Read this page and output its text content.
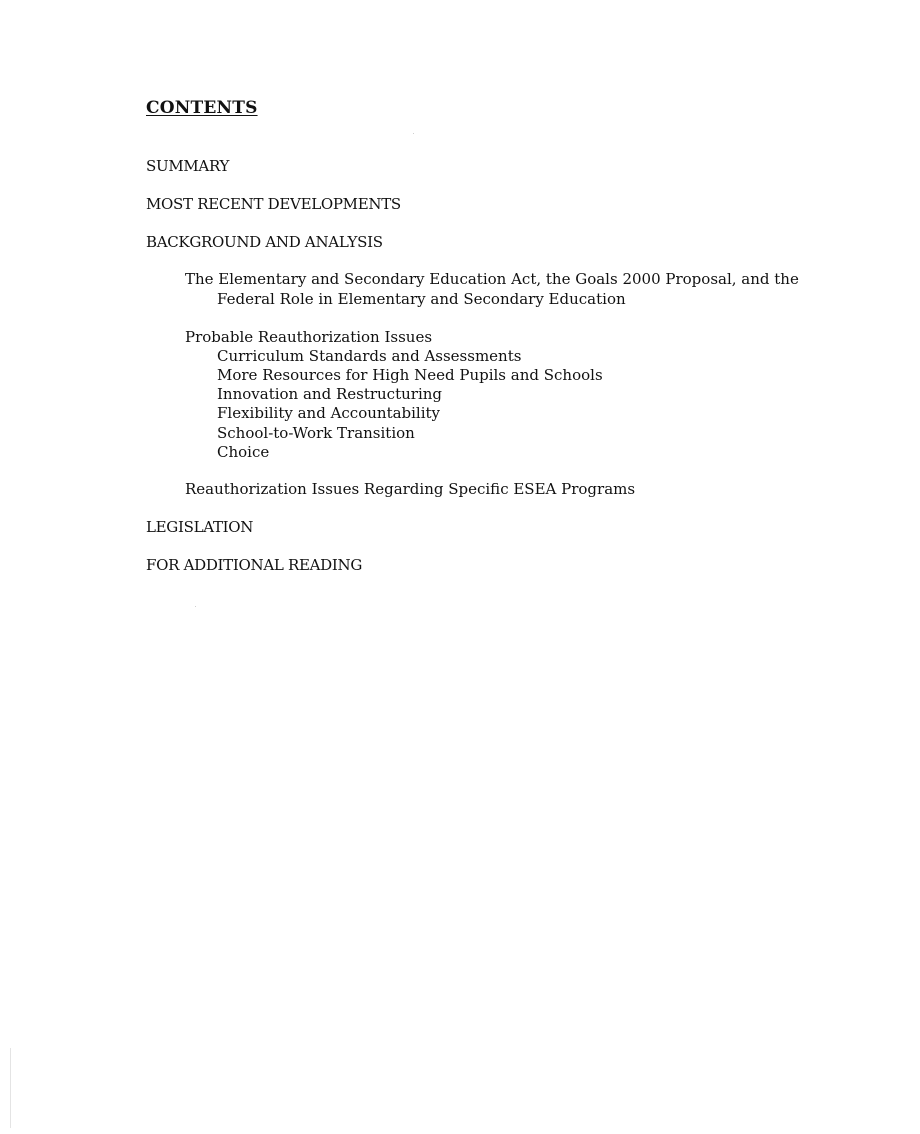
CONTENTS
SUMMARY
MOST RECENT DEVELOPMENTS
BACKGROUND AND ANALYSIS
The Elementary and Secondary Education Act, the Goals 2000 Proposal, and the
Federal Role in Elementary and Secondary Education
Probable Reauthorization Issues
Curriculum Standards and Assessments
More Resources for High Need Pupils and Schools
Innovation and Restructuring
Flexibility and Accountability
School-to-Work Transition
Choice
Reauthorization Issues Regarding Specific ESEA Programs
LEGISLATION
FOR ADDITIONAL READING
